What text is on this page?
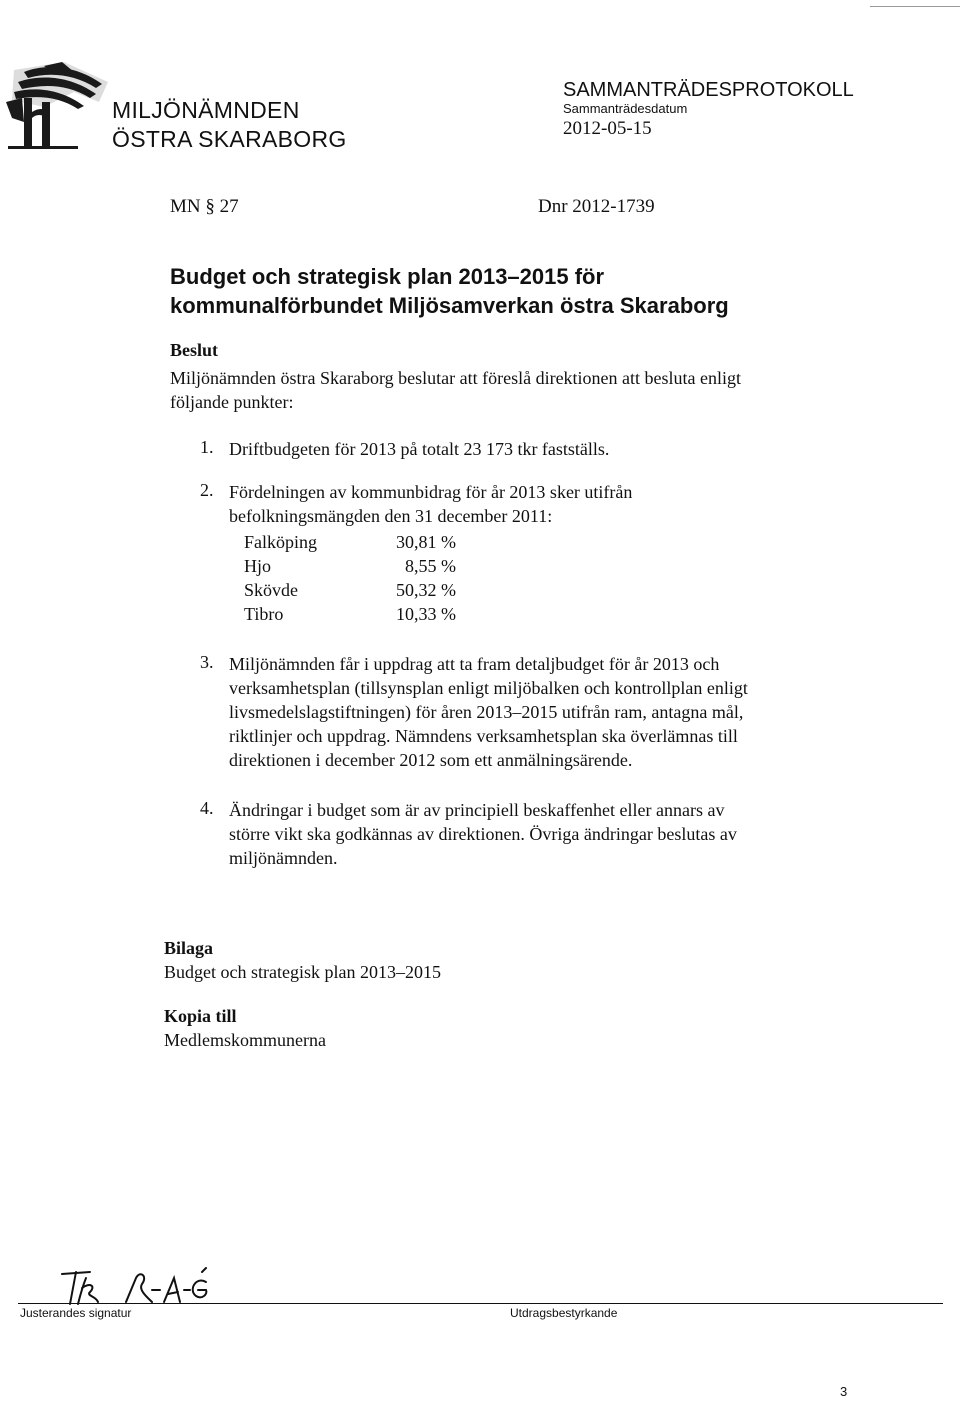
MILJÖNÄMNDEN
ÖSTRA SKARABORG
SAMMANTRÄDESPROTOKOLL
Sammanträdesdatum
2012-05-15
MN § 27	Dnr 2012-1739
Budget och strategisk plan 2013–2015 för
kommunalförbundet Miljösamverkan östra Skaraborg
Beslut
Miljönämnden östra Skaraborg beslutar att föreslå direktionen att besluta enligt
följande punkter:
1. Driftbudgeten för 2013 på totalt 23 173 tkr fastställs.
2. Fördelningen av kommunbidrag för år 2013 sker utifrån
befolkningsmängden den 31 december 2011:
Falköping	30,81 %
Hjo	8,55 %
Skövde	50,32 %
Tibro	10,33 %
3. Miljönämnden får i uppdrag att ta fram detaljbudget för år 2013 och
verksamhetsplan (tillsynsplan enligt miljöbalken och kontrollplan enligt
livsmedelslagstiftningen) för åren 2013–2015 utifrån ram, antagna mål,
riktlinjer och uppdrag. Nämndens verksamhetsplan ska överlämnas till
direktionen i december 2012 som ett anmälningsärende.
4. Ändringar i budget som är av principiell beskaffenhet eller annars av
större vikt ska godkännas av direktionen. Övriga ändringar beslutas av
miljönämnden.
Bilaga
Budget och strategisk plan 2013–2015
Kopia till
Medlemskommunerna
Justerandes signatur	Utdragsbestyrkande
3
